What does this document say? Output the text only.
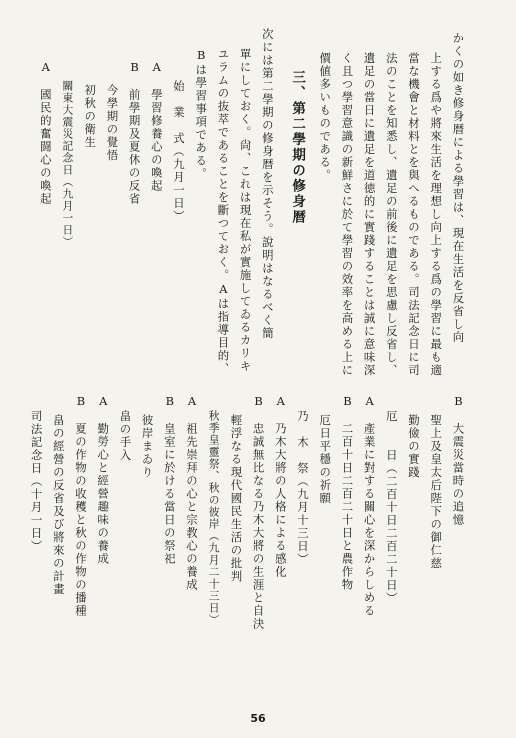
かくの如き修身暦による學習は、現在生活を反省し向
上する爲や將來生活を理想し向上する爲の學習に最も適
當な機會と材料とを與へるものである。司法記念日に司
法のことを知悉し、遺足の前後に遺足を思慮し反省し、
遺足の當日に遺足を道徳的に實踐することは誠に意味深
く且つ學習意識の新鮮さに於て學習の效率を高める上に
價値多いものである。
三、第二學期の修身暦
次には第二學期の修身暦を示そう。說明はなるべく簡
單にしておく。尙、これは現在私が實施してゐるカリキ
ユラムの抜萃であることを斷つておく。Aは指導目的、
Bは學習事項である。
始　業　式（九月一日）
A　學習修養心の喚起
B　前學期及夏休の反省
今學期の覺悟
初秋の衛生
關東大震災記念日（九月一日）
A　國民的奮闘心の喚起
B　大震災當時の追憶
聖上及皇太后陛下の御仁慈
勤儉の實踐
厄　　日（二百十日二百二十日）
A　產業に對する關心を深からしめる
B　二百十日二百二十日と農作物
厄日平穩の祈願
乃　木　祭（九月十三日）
A　乃木大將の人格による感化
B　忠誠無比なる乃木大將の生涯と自決
輕浮なる現代國民生活の批判
秋季皇靈祭、秋の彼岸（九月二十三日）
A　祖先崇拜の心と宗教心の養成
B　皇室に於ける當日の祭祀
彼岸まゐり
畠の手入
A　勤勞心と經營趣味の養成
B　夏の作物の收穫と秋の作物の播種
畠の經營の反省及び將來の計畫
司法記念日（十月一日）
56
